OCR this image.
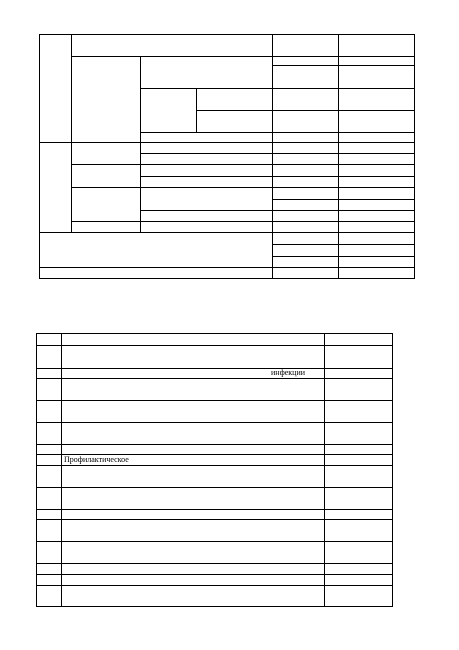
инфекции
Профилактическое
